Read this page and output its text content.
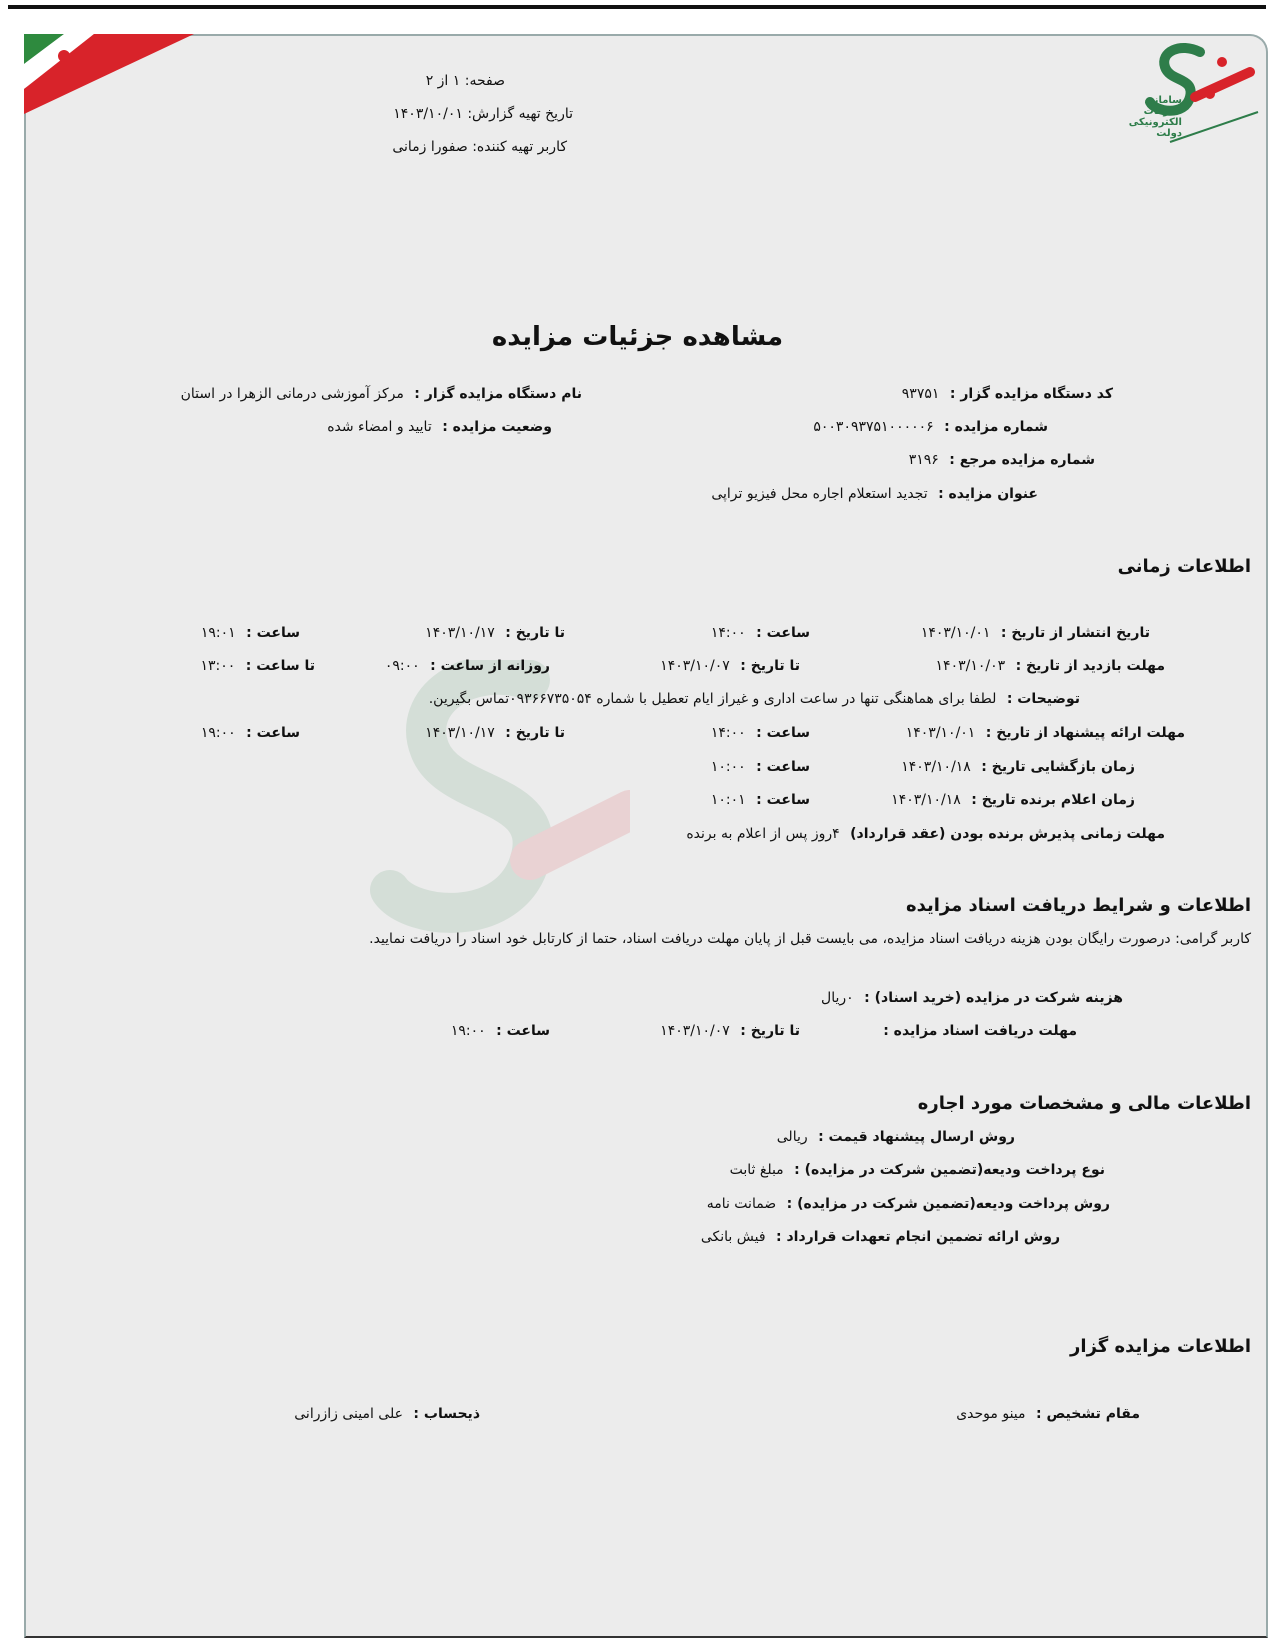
سامانه
تدارکات
الکترونیکی
دولت
صفحه: ۱ از ۲
تاریخ تهیه گزارش: ۱۴۰۳/۱۰/۰۱
کاربر تهیه کننده: صفورا زمانی
مشاهده جزئیات مزایده
کد دستگاه مزایده گزار : ۹۳۷۵۱
نام دستگاه مزایده گزار : مرکز آموزشی درمانی الزهرا در استان
شماره مزایده : ۵۰۰۳۰۹۳۷۵۱۰۰۰۰۰۶
وضعیت مزایده : تایید و امضاء شده
شماره مزایده مرجع : ۳۱۹۶
عنوان مزایده : تجدید استعلام اجاره محل فیزیو تراپی
اطلاعات زمانی
تاریخ انتشار از تاریخ : ۱۴۰۳/۱۰/۰۱
ساعت : ۱۴:۰۰
تا تاریخ : ۱۴۰۳/۱۰/۱۷
ساعت : ۱۹:۰۱
مهلت بازدید از تاریخ : ۱۴۰۳/۱۰/۰۳
تا تاریخ : ۱۴۰۳/۱۰/۰۷
روزانه از ساعت : ۰۹:۰۰
تا ساعت : ۱۳:۰۰
توضیحات : لطفا برای هماهنگی تنها در ساعت اداری و غیراز ایام تعطیل با شماره ۰۹۳۶۶۷۳۵۰۵۴تماس بگیرین.
مهلت ارائه پیشنهاد از تاریخ : ۱۴۰۳/۱۰/۰۱
ساعت : ۱۴:۰۰
تا تاریخ : ۱۴۰۳/۱۰/۱۷
ساعت : ۱۹:۰۰
زمان بازگشایی تاریخ : ۱۴۰۳/۱۰/۱۸
ساعت : ۱۰:۰۰
زمان اعلام برنده تاریخ : ۱۴۰۳/۱۰/۱۸
ساعت : ۱۰:۰۱
مهلت زمانی پذیرش برنده بودن (عقد قرارداد) ۴روز پس از اعلام به برنده
اطلاعات و شرایط دریافت اسناد مزایده
کاربر گرامی: درصورت رایگان بودن هزینه دریافت اسناد مزایده، می بایست قبل از پایان مهلت دریافت اسناد، حتما از کارتابل خود اسناد را دریافت نمایید.
هزینه شرکت در مزایده (خرید اسناد) : ۰ریال
مهلت دریافت اسناد مزایده :
تا تاریخ : ۱۴۰۳/۱۰/۰۷
ساعت : ۱۹:۰۰
اطلاعات مالی و مشخصات مورد اجاره
روش ارسال پیشنهاد قیمت : ریالی
نوع پرداخت ودیعه(تضمین شرکت در مزایده) : مبلغ ثابت
روش پرداخت ودیعه(تضمین شرکت در مزایده) : ضمانت نامه
روش ارائه تضمین انجام تعهدات قرارداد : فیش بانکی
اطلاعات مزایده گزار
مقام تشخیص : مینو موحدی
ذیحساب : علی امینی زازرانی
